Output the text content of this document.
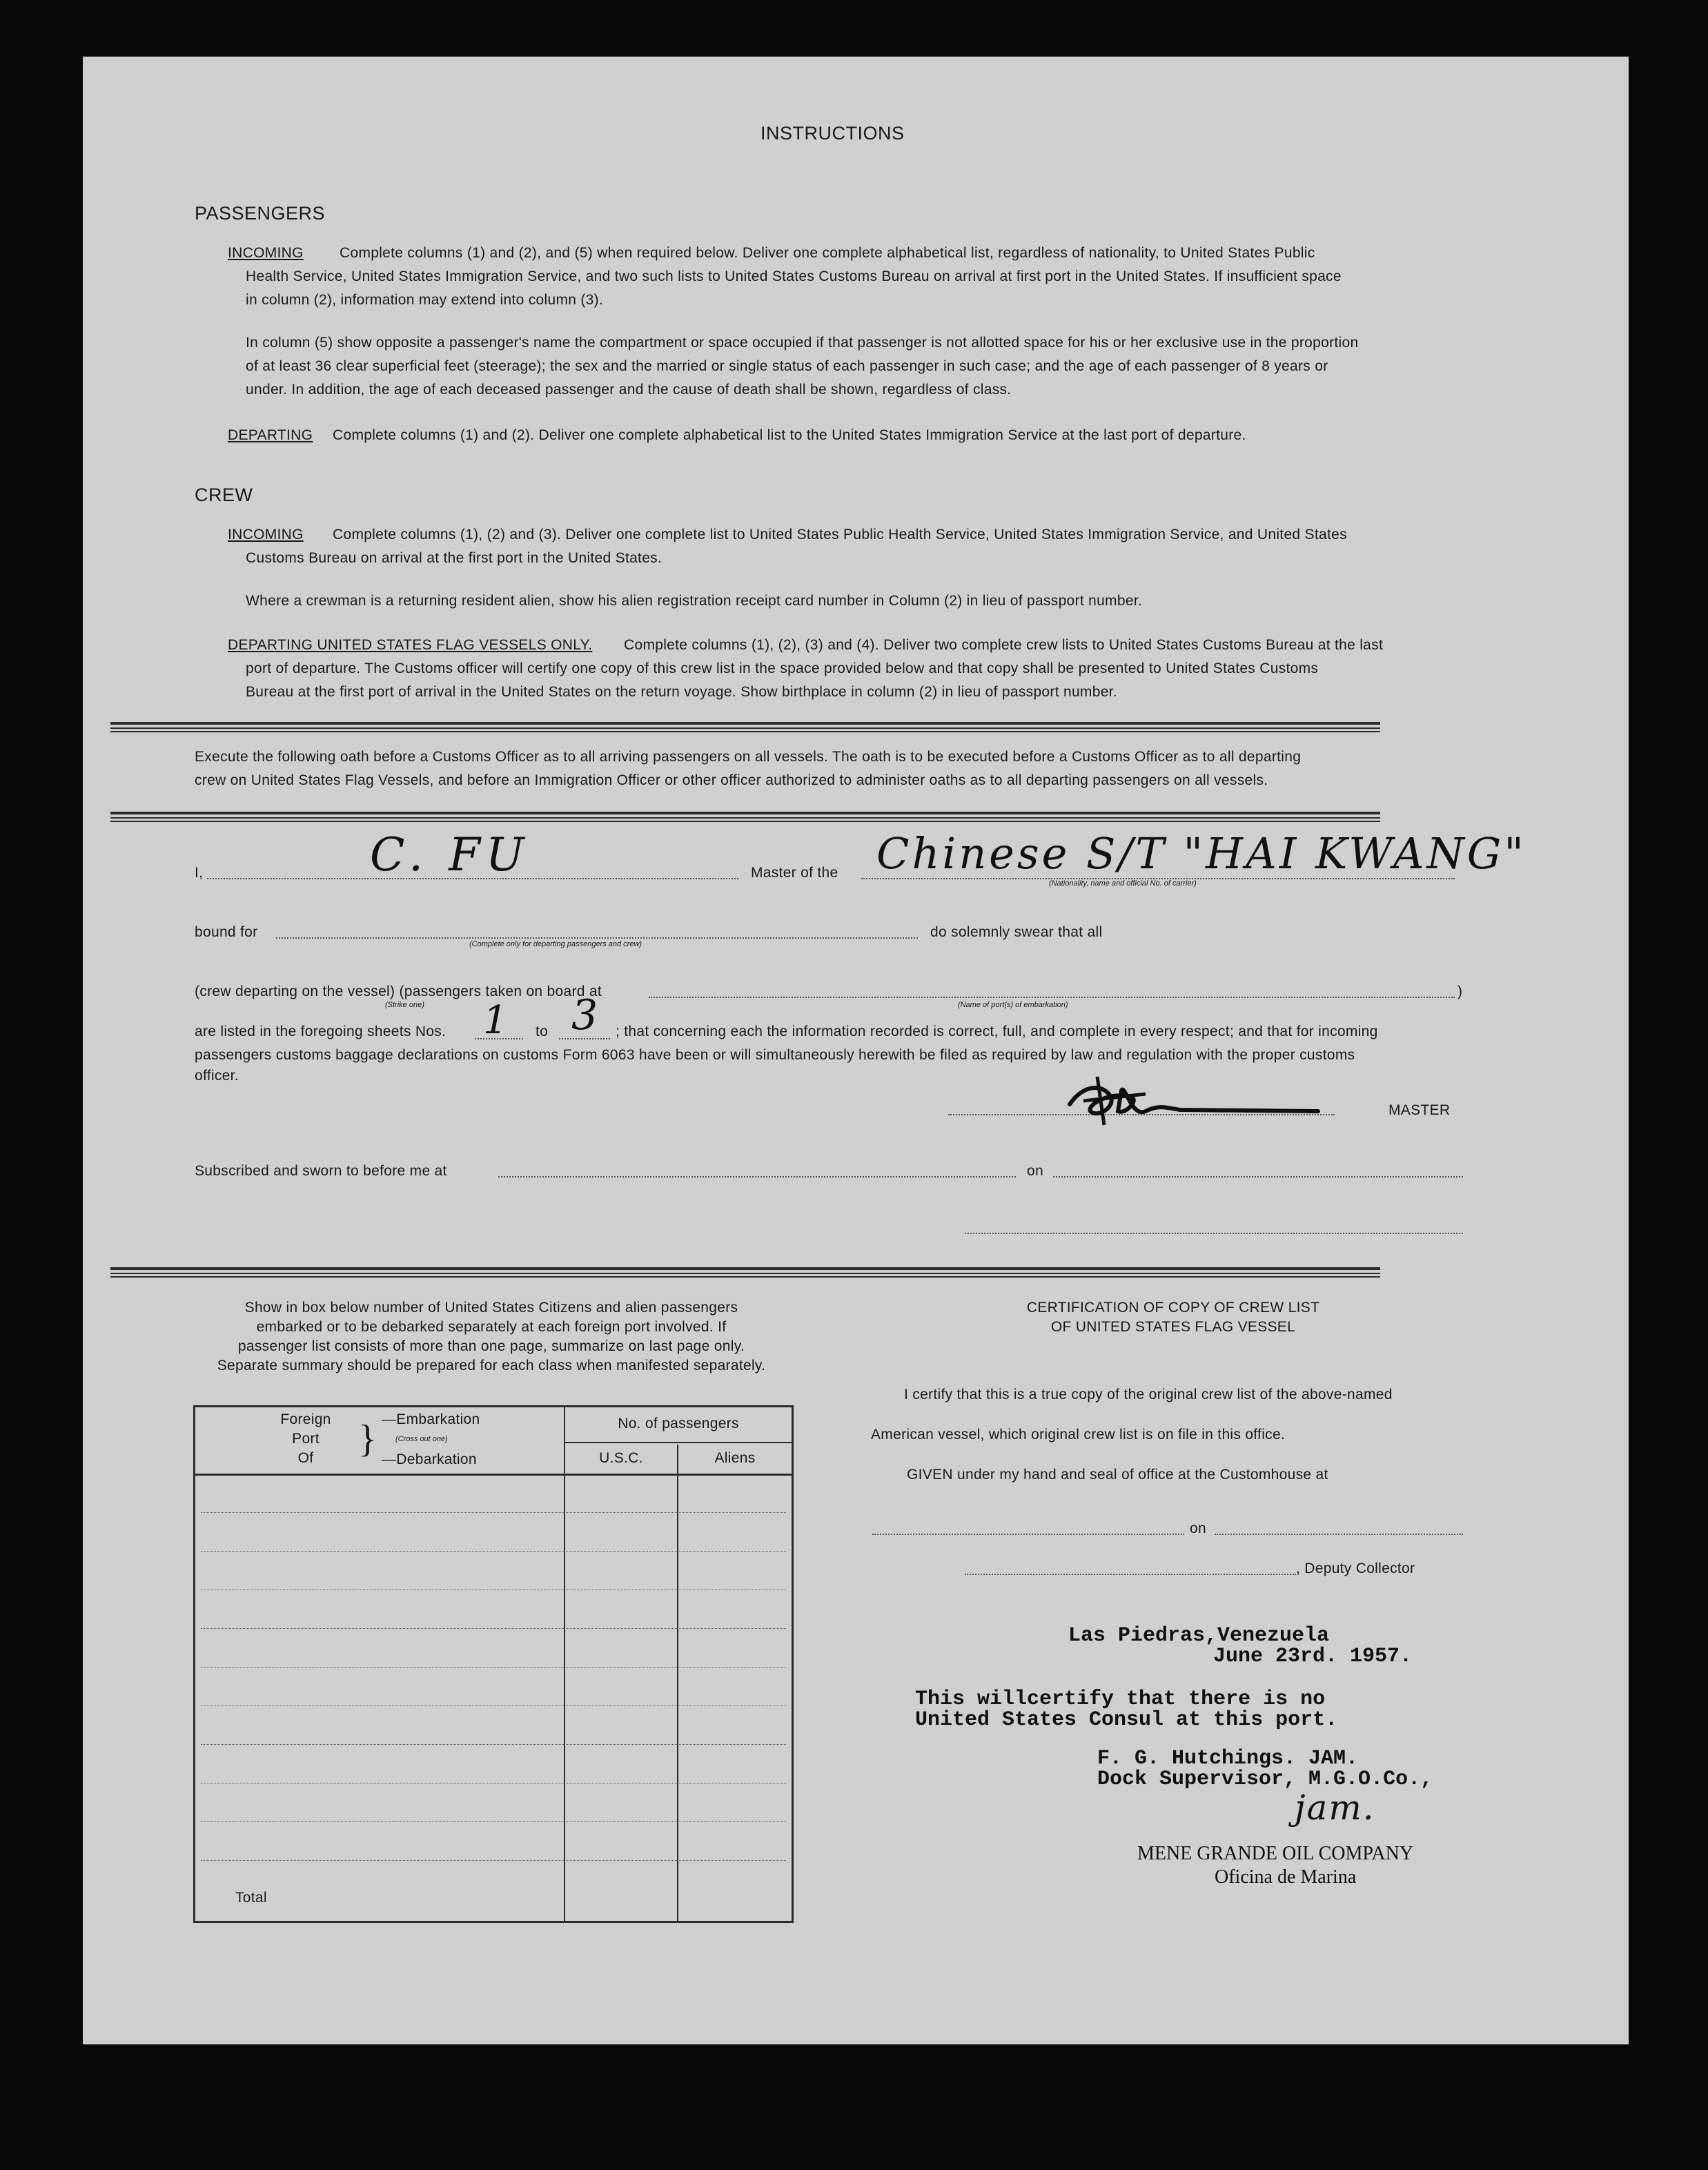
INSTRUCTIONS
PASSENGERS
INCOMING Complete columns (1) and (2), and (5) when required below. Deliver one complete alphabetical list, regardless of nationality, to United States Public
Health Service, United States Immigration Service, and two such lists to United States Customs Bureau on arrival at first port in the United States. If insufficient space
in column (2), information may extend into column (3).
In column (5) show opposite a passenger's name the compartment or space occupied if that passenger is not allotted space for his or her exclusive use in the proportion
of at least 36 clear superficial feet (steerage); the sex and the married or single status of each passenger in such case; and the age of each passenger of 8 years or
under. In addition, the age of each deceased passenger and the cause of death shall be shown, regardless of class.
DEPARTING Complete columns (1) and (2). Deliver one complete alphabetical list to the United States Immigration Service at the last port of departure.
CREW
INCOMING Complete columns (1), (2) and (3). Deliver one complete list to United States Public Health Service, United States Immigration Service, and United States
Customs Bureau on arrival at the first port in the United States.
Where a crewman is a returning resident alien, show his alien registration receipt card number in Column (2) in lieu of passport number.
DEPARTING UNITED STATES FLAG VESSELS ONLY. Complete columns (1), (2), (3) and (4). Deliver two complete crew lists to United States Customs Bureau at the last
port of departure. The Customs officer will certify one copy of this crew list in the space provided below and that copy shall be presented to United States Customs
Bureau at the first port of arrival in the United States on the return voyage. Show birthplace in column (2) in lieu of passport number.
Execute the following oath before a Customs Officer as to all arriving passengers on all vessels. The oath is to be executed before a Customs Officer as to all departing
crew on United States Flag Vessels, and before an Immigration Officer or other officer authorized to administer oaths as to all departing passengers on all vessels.
I,	C. FU	Master of the Chinese S/T "HAI KWANG"
(Nationality, name and official No. of carrier)
bound for
(Complete only for departing passengers and crew)
do solemnly swear that all
(crew departing on the vessel) (passengers taken on board at	)
(Strike one)	(Name of port(s) of embarkation)
are listed in the foregoing sheets Nos. 1 to 3 ; that concerning each the information recorded is correct, full, and complete in every respect; and that for incoming
passengers customs baggage declarations on customs Form 6063 have been or will simultaneously herewith be filed as required by law and regulation with the proper customs
officer.
MASTER
Subscribed and sworn to before me at	on
Show in box below number of United States Citizens and alien passengers
embarked or to be debarked separately at each foreign port involved. If
passenger list consists of more than one page, summarize on last page only.
Separate summary should be prepared for each class when manifested separately.
Foreign
Port
Of	} —Embarkation
(Cross out one)
—Debarkation
No. of passengers
U.S.C.	Aliens
Total
CERTIFICATION OF COPY OF CREW LIST
OF UNITED STATES FLAG VESSEL
I certify that this is a true copy of the original crew list of the above-named
American vessel, which original crew list is on file in this office.
GIVEN under my hand and seal of office at the Customhouse at
on
, Deputy Collector
Las Piedras,Venezuela
June 23rd. 1957.
This willcertify that there is no
United States Consul at this port.
F. G. Hutchings. JAM.
Dock Supervisor, M.G.O.Co.,
jam.
MENE GRANDE OIL COMPANY
Oficina de Marina
